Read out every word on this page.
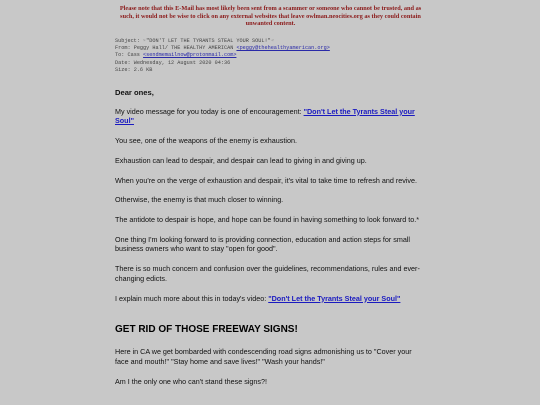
Please note that this E-Mail has most likely been sent from a scammer or someone who cannot be trusted, and as such, it would not be wise to click on any external websites that leave owlman.neocities.org as they could contain unwanted content.
Subject: ☞"DON'T LET THE TYRANTS STEAL YOUR SOUL!"☜
From: Peggy Hall/ THE HEALTHY AMERICAN <peggy@thehealthyamerican.org>
To: Cass <sendmemailnow@protonmail.com>
Date: Wednesday, 12 August 2020 04:36
Size: 2.6 KB

Dear ones,

My video message for you today is one of encouragement: "Don't Let the Tyrants Steal your Soul"

You see, one of the weapons of the enemy is exhaustion.

Exhaustion can lead to despair, and despair can lead to giving in and giving up.

When you're on the verge of exhaustion and despair, it's vital to take time to refresh and revive.

Otherwise, the enemy is that much closer to winning.

The antidote to despair is hope, and hope can be found in having something to look forward to.*

One thing I'm looking forward to is providing connection, education and action steps for small business owners who want to stay "open for good".

There is so much concern and confusion over the guidelines, recommendations, rules and ever-changing edicts.

I explain much more about this in today's video: "Don't Let the Tyrants Steal your Soul"

GET RID OF THOSE FREEWAY SIGNS!

Here in CA we get bombarded with condescending road signs admonishing us to "Cover your face and mouth!" "Stay home and save lives!" "Wash your hands!"

Am I the only one who can't stand these signs?!
